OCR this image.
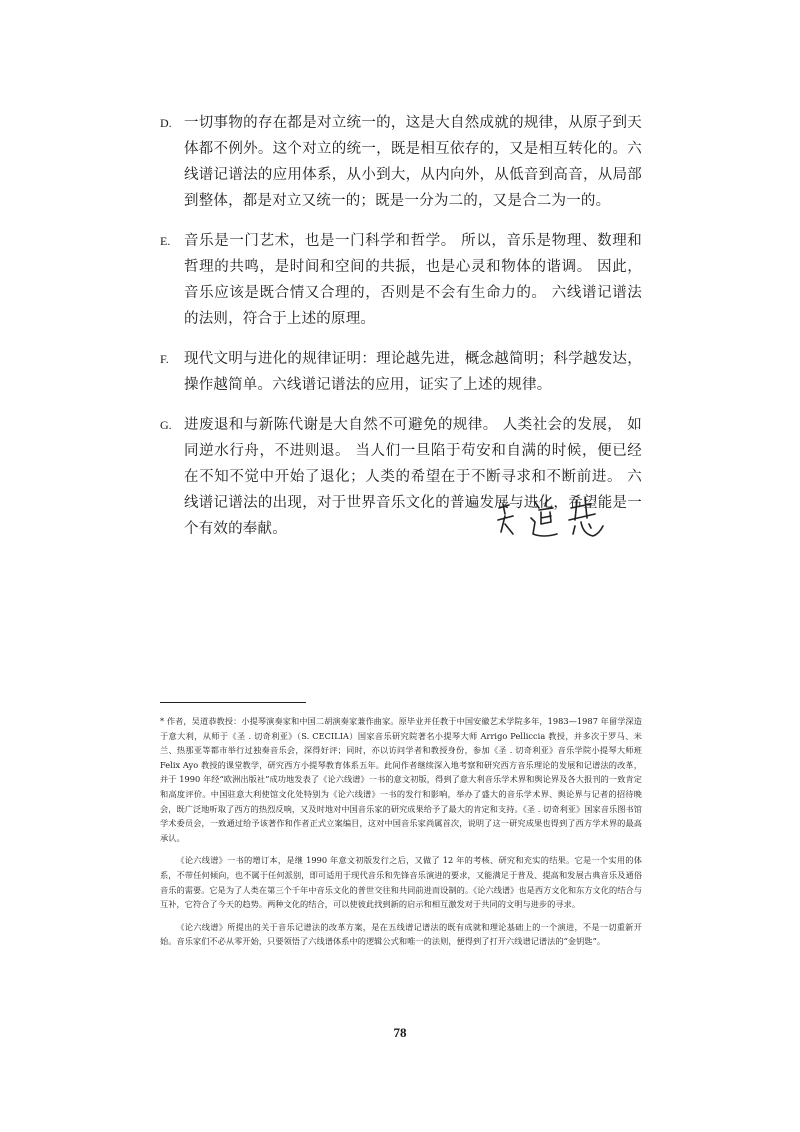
D. 一切事物的存在都是对立统一的，这是大自然成就的规律，从原子到天体都不例外。这个对立的统一，既是相互依存的，又是相互转化的。六线谱记谱法的应用体系，从小到大，从内向外，从低音到高音，从局部到整体，都是对立又统一的；既是一分为二的，又是合二为一的。
E. 音乐是一门艺术，也是一门科学和哲学。 所以，音乐是物理、数理和哲理的共鸣，是时间和空间的共振，也是心灵和物体的谐调。 因此，音乐应该是既合情又合理的，否则是不会有生命力的。 六线谱记谱法的法则，符合于上述的原理。
F.	现代文明与进化的规律证明：理论越先进，概念越简明；科学越发达，操作越简单。六线谱记谱法的应用，证实了上述的规律。
G. 进废退和与新陈代谢是大自然不可避免的规律。 人类社会的发展， 如同逆水行舟，不进则退。 当人们一旦陷于苟安和自满的时候，便已经在不知不觉中开始了退化；人类的希望在于不断寻求和不断前进。 六线谱记谱法的出现，对于世界音乐文化的普遍发展与进化，希望能是一个有效的奉献。

* 作者，吴道恭教授：小提琴演奏家和中国二胡演奏家兼作曲家。原毕业并任教于中国安徽艺术学院多年，1983—1987 年留学深造于意大利，从师于《圣 . 切奇利亚》（S. CECILIA）国家音乐研究院著名小提琴大师 Arrigo Pelliccia 教授，并多次于罗马、米兰、热那亚等都市举行过独奏音乐会，深得好评；同时，亦以访问学者和教授身份，参加《圣 . 切奇利亚》音乐学院小提琴大师班 Felix Ayo 教授的课堂教学，研究西方小提琴教育体系五年。此间作者继续深入地考察和研究西方音乐理论的发展和记谱法的改革，并于 1990 年经“欧洲出版社”成功地发表了《论六线谱》一书的意文初版，得到了意大利音乐学术界和舆论界及各大报刊的一致肯定和高度评价。中国驻意大利使馆文化处特别为《论六线谱》一书的发行和影响，举办了盛大的音乐学术界、舆论界与记者的招待晚会，既广泛地听取了西方的热烈反响，又及时地对中国音乐家的研究成果给予了最大的肯定和支持。《圣 . 切奇利亚》国家音乐图书馆学术委员会，一致通过给予该著作和作者正式立案编目，这对中国音乐家尚属首次，说明了这一研究成果也得到了西方学术界的最高承认。

《论六线谱》一书的增订本，是继 1990 年意文初版发行之后，又做了 12 年的考核、研究和充实的结果。它是一个实用的体系，不带任何倾向，也不属于任何派别，即可适用于现代音乐和先锋音乐演进的要求，又能满足于普及、提高和发展古典音乐及通俗音乐的需要。它是为了人类在第三个千年中音乐文化的普世交往和共同前进而设制的。《论六线谱》也是西方文化和东方文化的结合与互补，它符合了今天的趋势。两种文化的结合，可以使彼此找到新的启示和相互激发对于共同的文明与进步的寻求。

《论六线谱》所提出的关于音乐记谱法的改革方案，是在五线谱记谱法的既有成就和理论基础上的一个演进，不是一切重新开始。音乐家们不必从零开始，只要领悟了六线谱体系中的逻辑公式和唯一的法则，便得到了打开六线谱记谱法的“金钥匙”。

78
